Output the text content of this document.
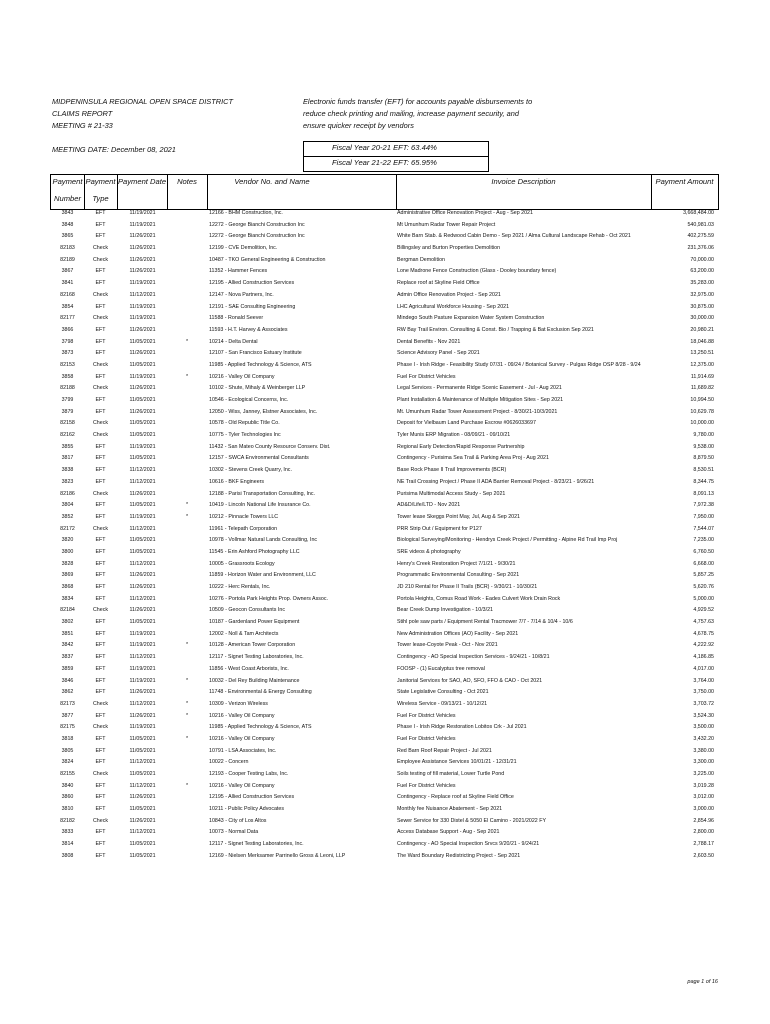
MIDPENINSULA REGIONAL OPEN SPACE DISTRICT
CLAIMS REPORT
MEETING # 21-33
MEETING DATE: December 08, 2021
Electronic funds transfer (EFT) for accounts payable disbursements to
reduce check printing and mailing, increase payment security, and
ensure quicker receipt by vendors
Fiscal Year 20-21 EFT: 63.44%
Fiscal Year 21-22 EFT: 65.95%
Payment
Number
Payment
Type
Payment Date	Notes	Vendor No. and Name	Invoice Description	Payment Amount
3843	EFT	11/19/2021	12166 - BHM Construction, Inc.	Administrative Office Renovation Project - Aug - Sep 2021	3,668,484.00
3848	EFT	11/19/2021	12272 - George Bianchi Construction Inc	Mt Umunhum Radar Tower Repair Project	540,981.03
3865	EFT	11/26/2021	12272 - George Bianchi Construction Inc	White Barn Stab. & Redwood Cabin Demo - Sep 2021 / Alma Cultural Landscape Rehab - Oct 2021	402,275.59
82183	Check	11/26/2021	12199 - CVE Demolition, Inc.	Billingsley and Burton Properties Demolition	231,376.06
82189	Check	11/26/2021	10487 - TKO General Engineering & Construction	Bergman Demolition	70,000.00
3867	EFT	11/26/2021	11352 - Hammer Fences	Lone Madrone Fence Construction (Glass - Dooley boundary fence)	63,200.00
3841	EFT	11/19/2021	12195 - Allied Construction Services	Replace roof at Skyline Field Office	35,283.00
82168	Check	11/12/2021	12147 - Nova Partners, Inc.	Admin Office Renovation Project - Sep 2021	32,975.00
3854	EFT	11/19/2021	12191 - SAE Consulting Engineering	LHC Agricultural Workforce Housing - Sep 2021	30,875.00
82177	Check	11/19/2021	11588 - Ronald Seever	Mindego South Pasture Expansion Water System Construction	30,000.00
3866	EFT	11/26/2021	11593 - H.T. Harvey & Associates	RW Bay Trail Environ. Consulting & Const. Bio / Trapping & Bat Exclusion Sep 2021	20,980.21
3798	EFT	11/05/2021	*	10214 - Delta Dental	Dental Benefits - Nov 2021	18,046.88
3873	EFT	11/26/2021	12107 - San Francisco Estuary Institute	Science Advisory Panel - Sep 2021	13,250.51
82153	Check	11/05/2021	11985 - Applied Technology & Science, ATS	Phase I - Irish Ridge - Feasibility Study 07/31 - 09/24 / Botanical Survey - Pulgas Ridge OSP 8/28 - 9/24	12,375.00
3858	EFT	11/19/2021	*	10216 - Valley Oil Company	Fuel For District Vehicles	11,914.69
82188	Check	11/26/2021	10102 - Shute, Mihaly & Weinberger LLP	Legal Services - Permanente Ridge Scenic Easement - Jul - Aug 2021	11,689.82
3799	EFT	11/05/2021	10546 - Ecological Concerns, Inc.	Plant Installation & Maintenance of Multiple Mitigation Sites - Sep 2021	10,994.50
3879	EFT	11/26/2021	12050 - Wiss, Janney, Elstner Associates, Inc.	Mt. Umunhum Radar Tower Assessment Project - 8/30/21-10/3/2021	10,629.78
82158	Check	11/05/2021	10578 - Old Republic Title Co.	Deposit for Vielbaum Land Purchase Escrow #0626033697	10,000.00
82162	Check	11/05/2021	10775 - Tyler Technologies Inc	Tyler Munis ERP Migration - 08/09/21 - 09/10/21	9,780.00
3855	EFT	11/19/2021	11432 - San Mateo County Resource Conserv. Dist.	Regional Early Detection/Rapid Response Partnership	9,538.00
3817	EFT	11/05/2021	12157 - SWCA Environmental Consultants	Contingency - Purisima Sea Trail & Parking Area Proj - Aug 2021	8,879.50
3838	EFT	11/12/2021	10302 - Stevens Creek Quarry, Inc.	Base Rock Phase II Trail Improvements (BCR)	8,530.51
3823	EFT	11/12/2021	10616 - BKF Engineers	NE Trail Crossing Project / Phase II ADA Barrier Removal Project - 8/23/21 - 9/26/21	8,344.75
82186	Check	11/26/2021	12188 - Parisi Transportation Consulting, Inc.	Purisima Multimodal Access Study - Sep 2021	8,091.13
3804	EFT	11/05/2021	*	10419 - Lincoln National Life Insurance Co.	AD&D/Life/LTD - Nov 2021	7,972.38
3852	EFT	11/19/2021	*	10212 - Pinnacle Towers LLC	Tower lease Skeggs Point May, Jul, Aug & Sep 2021	7,950.00
82172	Check	11/12/2021	11961 - Telepath Corporation	PRR Strip Out / Equipment for P127	7,544.07
3820	EFT	11/05/2021	10978 - Vollmar Natural Lands Consulting, Inc	Biological Surveying/Monitoring - Hendrys Creek Project / Permitting - Alpine Rd Trail Imp Proj	7,235.00
3800	EFT	11/05/2021	11545 - Erin Ashford Photography LLC	SRE videos & photography	6,760.50
3828	EFT	11/12/2021	10005 - Grassroots Ecology	Henry's Creek Restoration Project 7/1/21 - 9/30/21	6,668.00
3869	EFT	11/26/2021	11859 - Horizon Water and Environment, LLC	Programmatic Environmental Consulting - Sep 2021	5,857.25
3868	EFT	11/26/2021	10222 - Herc Rentals, Inc.	JD 210 Rental for Phase II Trails (BCR) - 9/30/21 - 10/30/21	5,620.76
3834	EFT	11/12/2021	10276 - Portola Park Heights Prop. Owners Assoc.	Portola Heights, Comus Road Work - Eades Culvert Work Drain Rock	5,000.00
82184	Check	11/26/2021	10509 - Geocon Consultants Inc	Bear Creek Dump Investigation - 10/3/21	4,929.52
3802	EFT	11/05/2021	10187 - Gardenland Power Equipment	Stihl pole saw parts / Equipment Rental Tracmower 7/7 - 7/14 & 10/4 - 10/6	4,757.63
3851	EFT	11/19/2021	12002 - Noll & Tam Architects	New Administration Offices (AO) Facility - Sep 2021	4,678.75
3842	EFT	11/19/2021	*	10128 - American Tower Corporation	Tower lease-Coyote Peak - Oct - Nov 2021	4,222.92
3837	EFT	11/12/2021	12117 - Signet Testing Laboratories, Inc.	Contingency - AO Special Inspection Services - 9/24/21 - 10/8/21	4,186.85
3859	EFT	11/19/2021	11856 - West Coast Arborists, Inc.	FOOSP - (1) Eucalyptus tree removal	4,017.00
3846	EFT	11/19/2021	*	10032 - Del Rey Building Maintenance	Janitorial Services for SAO, AO, SFO, FFO & CAO - Oct 2021	3,764.00
3862	EFT	11/26/2021	11748 - Environmental & Energy Consulting	State Legislative Consulting - Oct 2021	3,750.00
82173	Check	11/12/2021	*	10309 - Verizon Wireless	Wireless Service - 09/13/21 - 10/12/21	3,703.72
3877	EFT	11/26/2021	*	10216 - Valley Oil Company	Fuel For District Vehicles	3,524.30
82175	Check	11/19/2021	11985 - Applied Technology & Science, ATS	Phase I - Irish Ridge Restoration Lobitos Crk - Jul 2021	3,500.00
3818	EFT	11/05/2021	*	10216 - Valley Oil Company	Fuel For District Vehicles	3,432.20
3805	EFT	11/05/2021	10791 - LSA Associates, Inc.	Red Barn Roof Repair Project - Jul 2021	3,380.00
3824	EFT	11/12/2021	10022 - Concern	Employee Assistance Services 10/01/21 - 12/31/21	3,300.00
82155	Check	11/05/2021	12193 - Cooper Testing Labs, Inc.	Soils testing of fill material, Lower Turtle Pond	3,225.00
3840	EFT	11/12/2021	*	10216 - Valley Oil Company	Fuel For District Vehicles	3,019.28
3860	EFT	11/26/2021	12195 - Allied Construction Services	Contingency - Replace roof at Skyline Field Office	3,012.00
3810	EFT	11/05/2021	10211 - Public Policy Advocates	Monthly fee Nuisance Abatement - Sep 2021	3,000.00
82182	Check	11/26/2021	10843 - City of Los Altos	Sewer Service for 330 Distel & 5050 El Camino - 2021/2022 FY	2,854.96
3833	EFT	11/12/2021	10073 - Normal Data	Access Database Support - Aug - Sep 2021	2,800.00
3814	EFT	11/05/2021	12117 - Signet Testing Laboratories, Inc.	Contingency - AO Special Inspection Srvcs 9/20/21 - 9/24/21	2,788.17
3808	EFT	11/05/2021	12169 - Nielsen Merksamer Parrinello Gross & Leoni, LLP	The Ward Boundary Redistricting Project - Sep 2021	2,603.50
page 1 of 16
